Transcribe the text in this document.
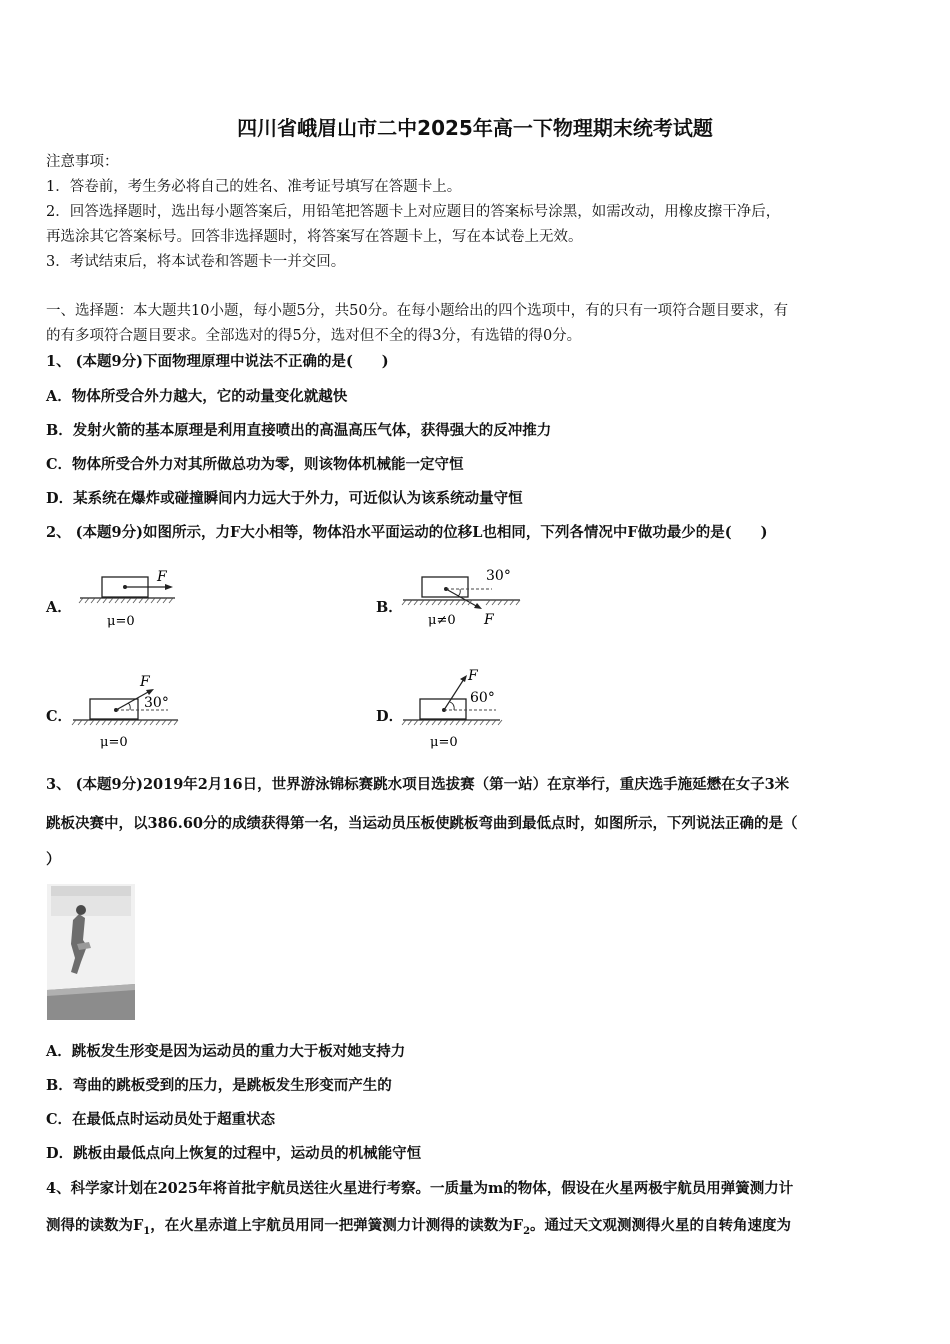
四川省峨眉山市二中2025年高一下物理期末统考试题
注意事项：
1．答卷前，考生务必将自己的姓名、准考证号填写在答题卡上。
2．回答选择题时，选出每小题答案后，用铅笔把答题卡上对应题目的答案标号涂黑，如需改动，用橡皮擦干净后，
再选涂其它答案标号。回答非选择题时，将答案写在答题卡上，写在本试卷上无效。
3．考试结束后，将本试卷和答题卡一并交回。
一、选择题：本大题共10小题，每小题5分，共50分。在每小题给出的四个选项中，有的只有一项符合题目要求，有
的有多项符合题目要求。全部选对的得5分，选对但不全的得3分，有选错的得0分。
1、 (本题9分)下面物理原理中说法不正确的是(　　)
A．物体所受合外力越大，它的动量变化就越快
B．发射火箭的基本原理是利用直接喷出的高温高压气体，获得强大的反冲推力
C．物体所受合外力对其所做总功为零，则该物体机械能一定守恒
D．某系统在爆炸或碰撞瞬间内力远大于外力，可近似认为该系统动量守恒
2、 (本题9分)如图所示，力F大小相等，物体沿水平面运动的位移L也相同，下列各情况中F做功最少的是(　　)
A．
F
μ=0
B．
30°
F
μ≠0
C．
F
30°
μ=0
D．
F
60°
μ=0
3、 (本题9分)2019年2月16日，世界游泳锦标赛跳水项目选拔赛（第一站）在京举行，重庆选手施延懋在女子3米
跳板决赛中，以386.60分的成绩获得第一名，当运动员压板使跳板弯曲到最低点时，如图所示，下列说法正确的是（
）
A．跳板发生形变是因为运动员的重力大于板对她支持力
B．弯曲的跳板受到的压力，是跳板发生形变而产生的
C．在最低点时运动员处于超重状态
D．跳板由最低点向上恢复的过程中，运动员的机械能守恒
4、科学家计划在2025年将首批宇航员送往火星进行考察。一质量为m的物体，假设在火星两极宇航员用弹簧测力计
测得的读数为$F_1$，在火星赤道上宇航员用同一把弹簧测力计测得的读数为$F_2$。通过天文观测测得火星的自转角速度为
